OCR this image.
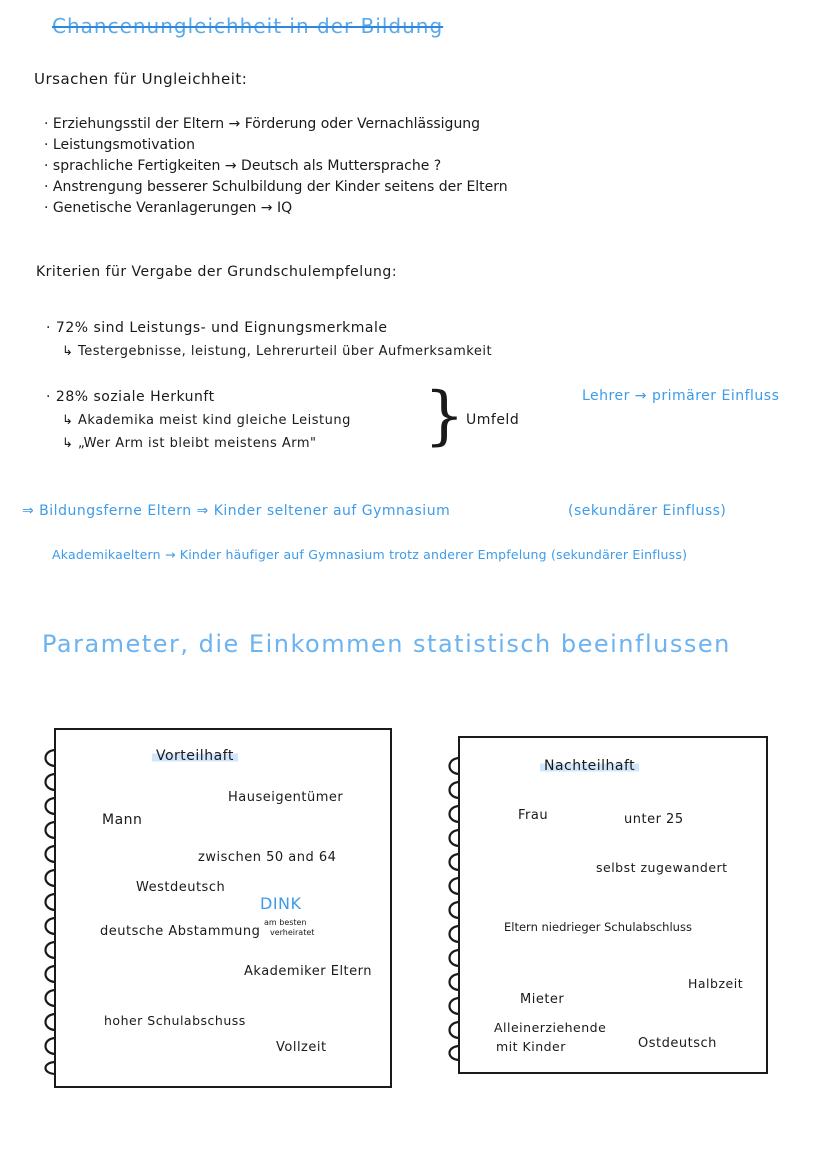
Chancenungleichheit in der Bildung
Ursachen für Ungleichheit:
· Erziehungsstil der Eltern → Förderung oder Vernachlässigung
· Leistungsmotivation
· sprachliche Fertigkeiten → Deutsch als Muttersprache ?
· Anstrengung besserer Schulbildung der Kinder seitens der Eltern
· Genetische Veranlagerungen → IQ
Kriterien für Vergabe der Grundschulempfelung:
· 72% sind Leistungs- und Eignungsmerkmale
↳ Testergebnisse, leistung, Lehrerurteil über Aufmerksamkeit
· 28% soziale Herkunft
↳ Akademika meist kind gleiche Leistung
↳ „Wer Arm ist bleibt meistens Arm" } Umfeld
Lehrer → primärer Einfluss
⇒ Bildungsferne Eltern ⇒ Kinder seltener auf Gymnasium	(sekundärer Einfluss)
Akademikaeltern → Kinder häufiger auf Gymnasium trotz anderer Empfelung (sekundärer Einfluss)
Parameter, die Einkommen statistisch beeinflussen
Vorteilhaft
Hauseigentümer
Mann
zwischen 50 and 64
Westdeutsch
DINK
am besten
verheiratet
deutsche Abstammung
Akademiker Eltern
hoher Schulabschuss
Vollzeit
Nachteilhaft
Frau	unter 25
selbst zugewandert
Eltern niedrieger Schulabschluss
Halbzeit
Mieter
Alleinerziehende
mit Kinder	Ostdeutsch
